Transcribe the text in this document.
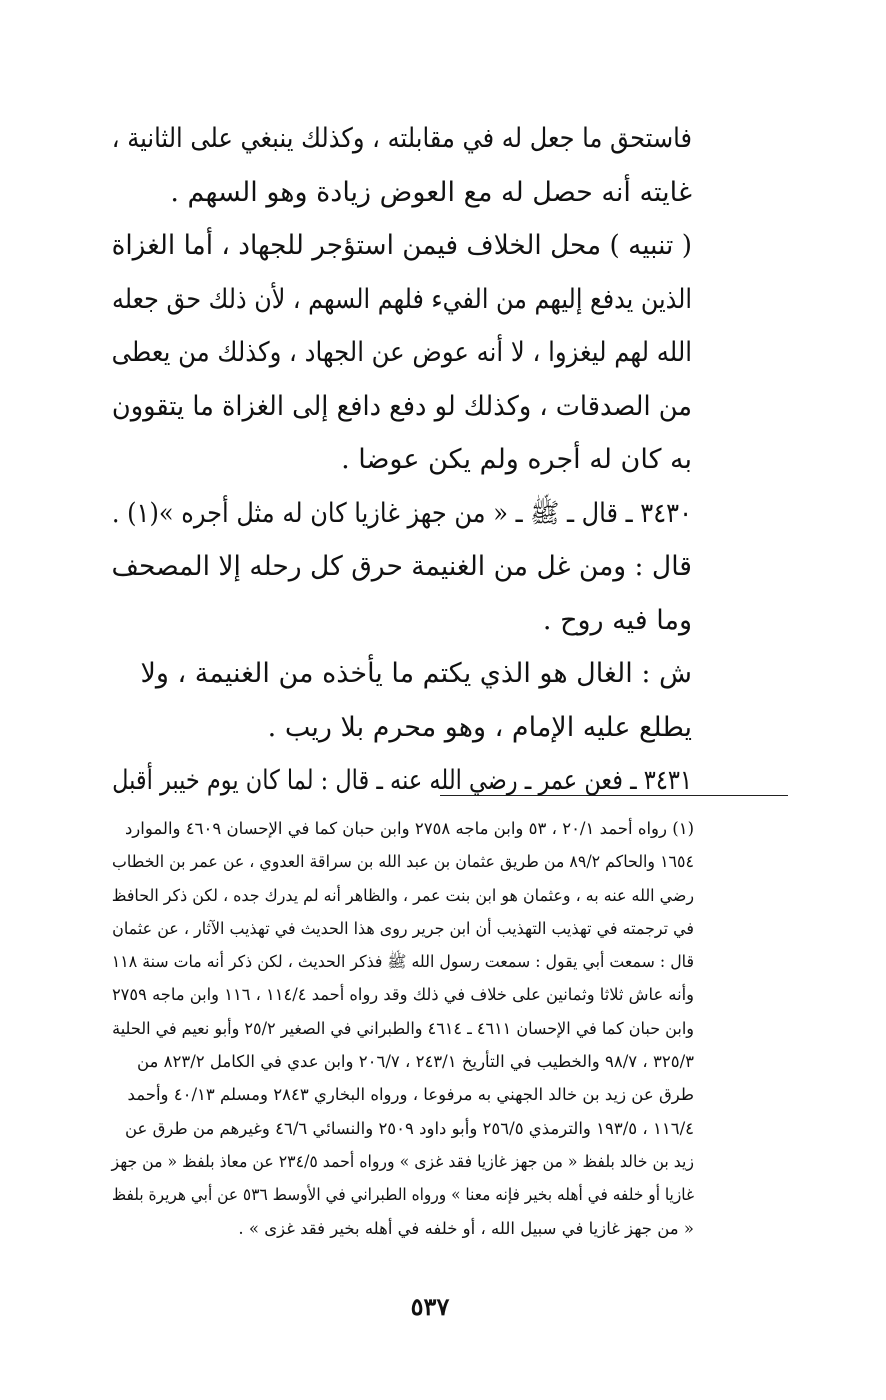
فاستحق ما جعل له في مقابلته ، وكذلك ينبغي على الثانية ،
غايته أنه حصل له مع العوض زيادة وهو السهم .
( تنبيه ) محل الخلاف فيمن استؤجر للجهاد ، أما الغزاة
الذين يدفع إليهم من الفيء فلهم السهم ، لأن ذلك حق جعله
الله لهم ليغزوا ، لا أنه عوض عن الجهاد ، وكذلك من يعطى
من الصدقات ، وكذلك لو دفع دافع إلى الغزاة ما يتقوون
به كان له أجره ولم يكن عوضا .
٣٤٣٠ ـ قال ـ ﷺ ـ « من جهز غازيا كان له مثل أجره »(١) .
قال : ومن غل من الغنيمة حرق كل رحله إلا المصحف
وما فيه روح .
ش : الغال هو الذي يكتم ما يأخذه من الغنيمة ، ولا
يطلع عليه الإمام ، وهو محرم بلا ريب .
٣٤٣١ ـ فعن عمر ـ رضي الله عنه ـ قال : لما كان يوم خيبر أقبل
(١) رواه أحمد ٢٠/١ ، ٥٣ وابن ماجه ٢٧٥٨ وابن حبان كما في الإحسان ٤٦٠٩ والموارد
١٦٥٤ والحاكم ٨٩/٢ من طريق عثمان بن عبد الله بن سراقة العدوي ، عن عمر بن الخطاب
رضي الله عنه به ، وعثمان هو ابن بنت عمر ، والظاهر أنه لم يدرك جده ، لكن ذكر الحافظ
في ترجمته في تهذيب التهذيب أن ابن جرير روى هذا الحديث في تهذيب الآثار ، عن عثمان
قال : سمعت أبي يقول : سمعت رسول الله ﷺ فذكر الحديث ، لكن ذكر أنه مات سنة ١١٨
وأنه عاش ثلاثا وثمانين على خلاف في ذلك وقد رواه أحمد ١١٤/٤ ، ١١٦ وابن ماجه ٢٧٥٩
وابن حبان كما في الإحسان ٤٦١١ ـ ٤٦١٤ والطبراني في الصغير ٢٥/٢ وأبو نعيم في الحلية
٣٢٥/٣ ، ٩٨/٧ والخطيب في التأريخ ٢٤٣/١ ، ٢٠٦/٧ وابن عدي في الكامل ٨٢٣/٢ من
طرق عن زيد بن خالد الجهني به مرفوعا ، ورواه البخاري ٢٨٤٣ ومسلم ٤٠/١٣ وأحمد
١١٦/٤ ، ١٩٣/٥ والترمذي ٢٥٦/٥ وأبو داود ٢٥٠٩ والنسائي ٤٦/٦ وغيرهم من طرق عن
زيد بن خالد بلفظ « من جهز غازيا فقد غزى » ورواه أحمد ٢٣٤/٥ عن معاذ بلفظ « من جهز
غازيا أو خلفه في أهله بخير فإنه معنا » ورواه الطبراني في الأوسط ٥٣٦ عن أبي هريرة بلفظ
« من جهز غازيا في سبيل الله ، أو خلفه في أهله بخير فقد غزى » .
٥٣٧
